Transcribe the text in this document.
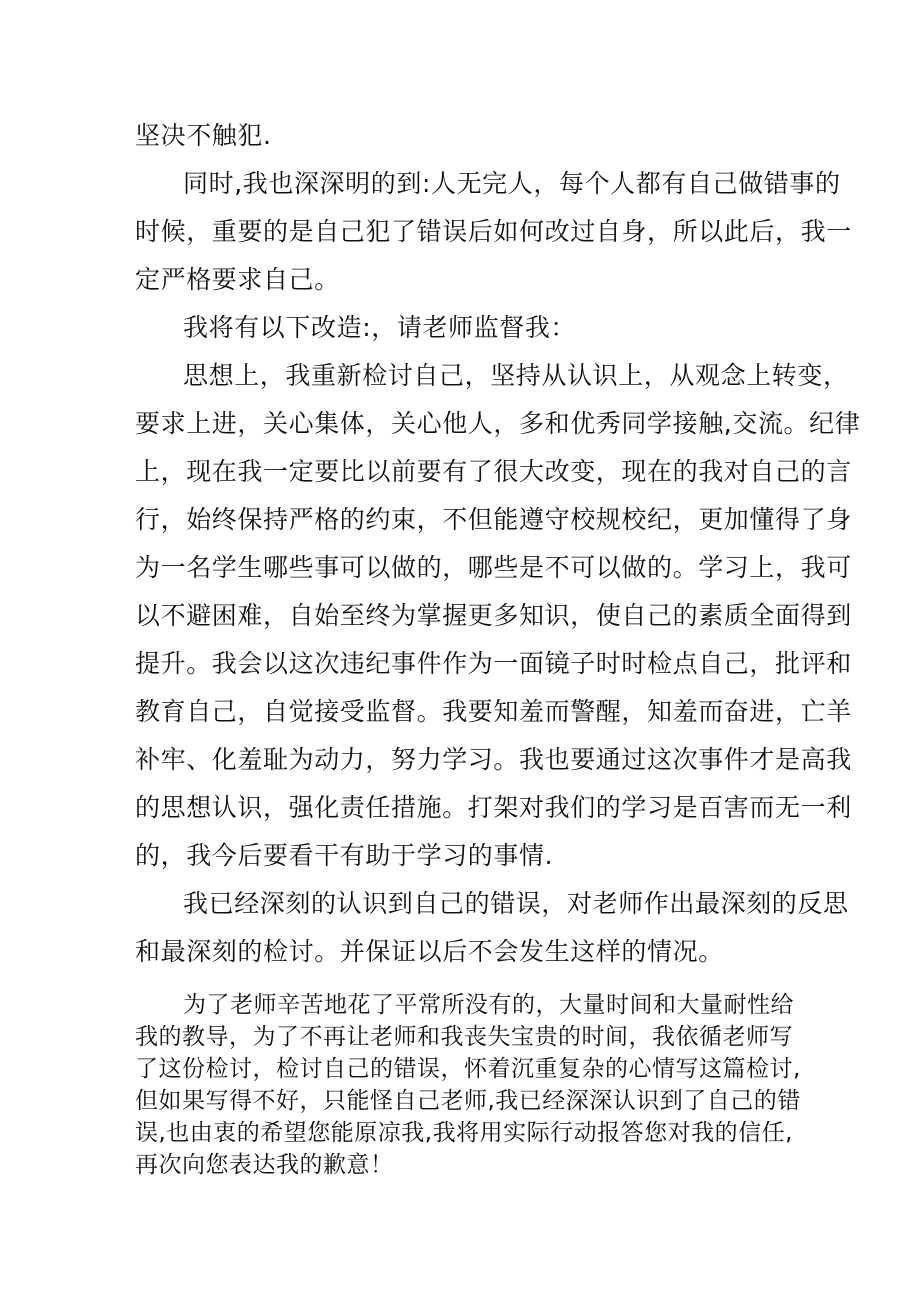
坚决不触犯.
同时,我也深深明的到:人无完人，每个人都有自己做错事的
时候，重要的是自己犯了错误后如何改过自身，所以此后，我一
定严格要求自己。
我将有以下改造:，请老师监督我：
思想上，我重新检讨自己，坚持从认识上，从观念上转变，
要求上进，关心集体，关心他人，多和优秀同学接触,交流。纪律
上，现在我一定要比以前要有了很大改变，现在的我对自己的言
行，始终保持严格的约束，不但能遵守校规校纪，更加懂得了身
为一名学生哪些事可以做的，哪些是不可以做的。学习上，我可
以不避困难，自始至终为掌握更多知识，使自己的素质全面得到
提升。我会以这次违纪事件作为一面镜子时时检点自己，批评和
教育自己，自觉接受监督。我要知羞而警醒，知羞而奋进，亡羊
补牢、化羞耻为动力，努力学习。我也要通过这次事件才是高我
的思想认识，强化责任措施。打架对我们的学习是百害而无一利
的，我今后要看干有助于学习的事情.
我已经深刻的认识到自己的错误，对老师作出最深刻的反思
和最深刻的检讨。并保证以后不会发生这样的情况。
为了老师辛苦地花了平常所没有的，大量时间和大量耐性给
我的教导，为了不再让老师和我丧失宝贵的时间，我依循老师写
了这份检讨，检讨自己的错误，怀着沉重复杂的心情写这篇检讨,
但如果写得不好，只能怪自己老师,我已经深深认识到了自己的错
误,也由衷的希望您能原凉我,我将用实际行动报答您对我的信任,
再次向您表达我的歉意！
